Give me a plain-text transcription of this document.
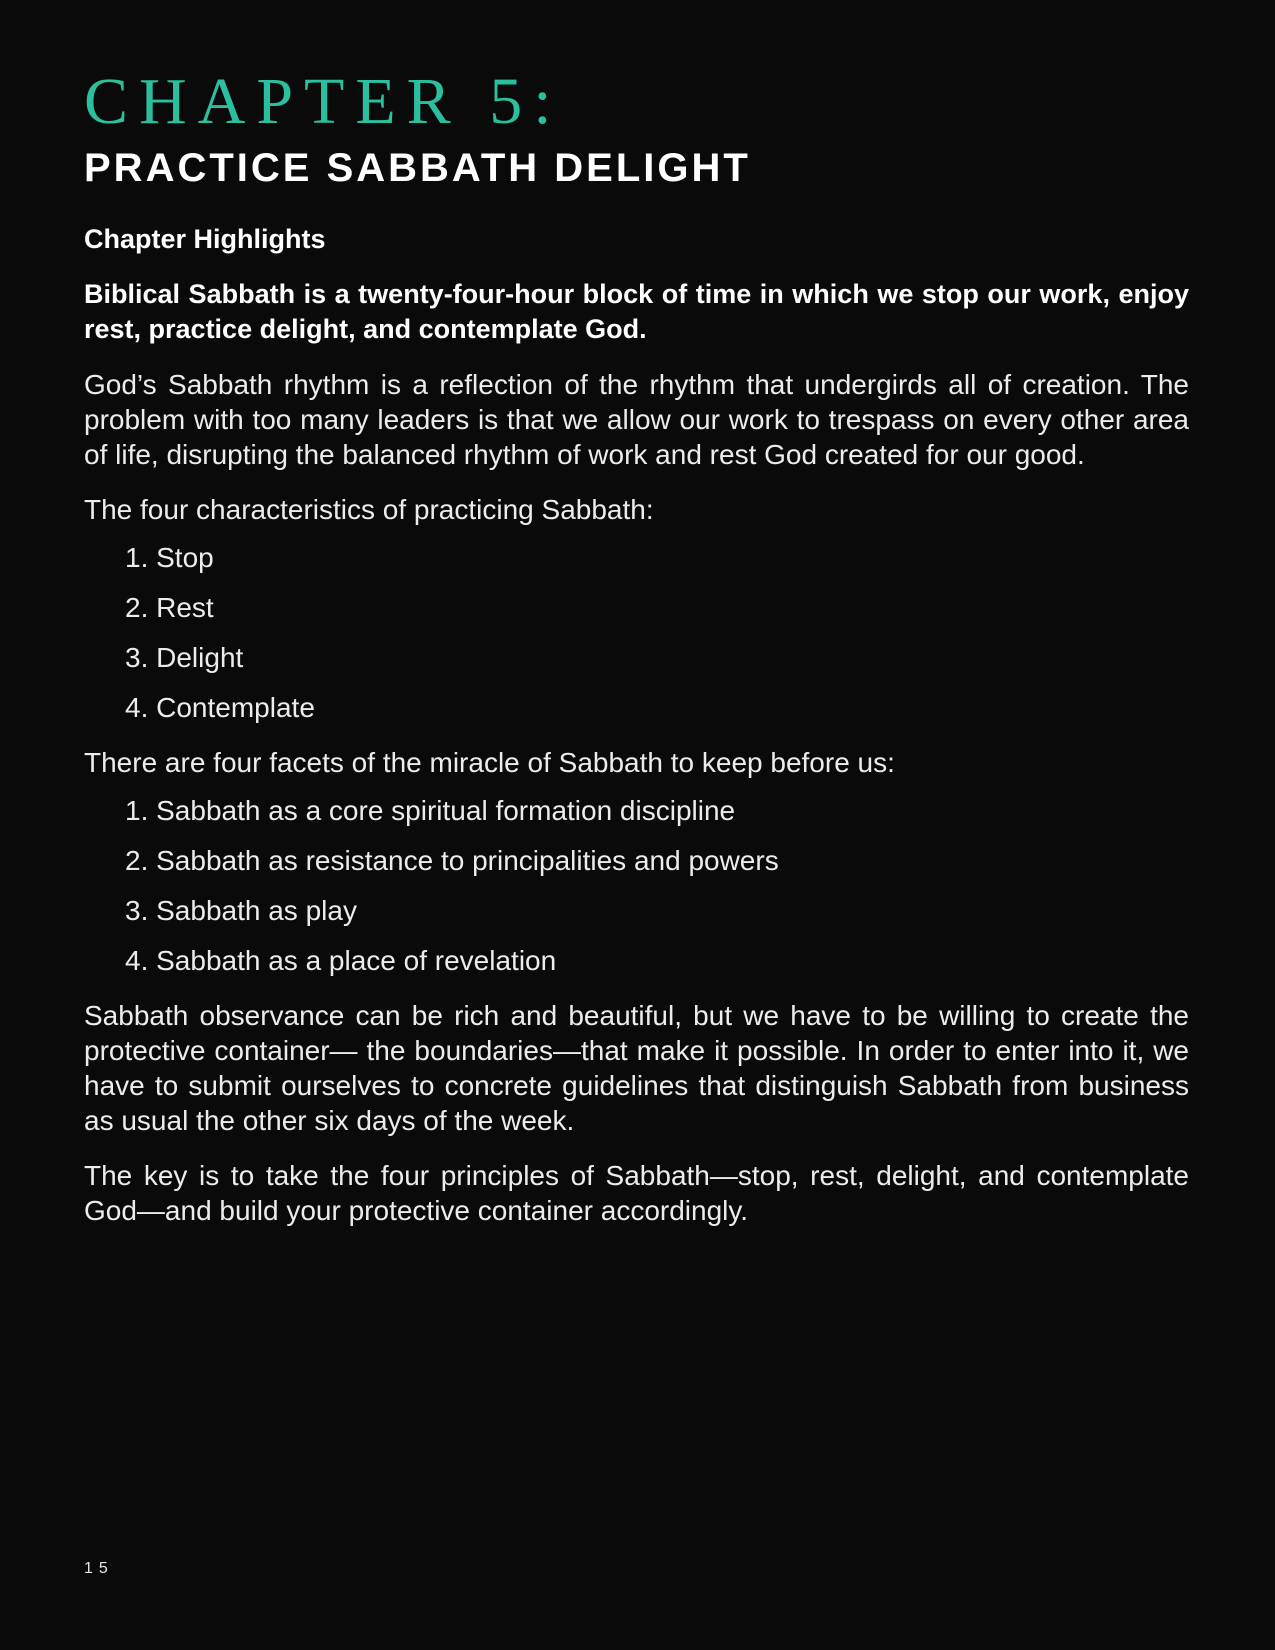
CHAPTER 5:
PRACTICE SABBATH DELIGHT

Chapter Highlights

Biblical Sabbath is a twenty-four-hour block of time in which we stop our work, enjoy rest, practice delight, and contemplate God.

God’s Sabbath rhythm is a reflection of the rhythm that undergirds all of creation. The problem with too many leaders is that we allow our work to trespass on every other area of life, disrupting the balanced rhythm of work and rest God created for our good.

The four characteristics of practicing Sabbath:

1. Stop
2. Rest
3. Delight
4. Contemplate

There are four facets of the miracle of Sabbath to keep before us:

1. Sabbath as a core spiritual formation discipline
2. Sabbath as resistance to principalities and powers
3. Sabbath as play
4. Sabbath as a place of revelation

Sabbath observance can be rich and beautiful, but we have to be willing to create the protective container— the boundaries—that make it possible. In order to enter into it, we have to submit ourselves to concrete guidelines that distinguish Sabbath from business as usual the other six days of the week.

The key is to take the four principles of Sabbath—stop, rest, delight, and contemplate God—and build your protective container accordingly.

15
